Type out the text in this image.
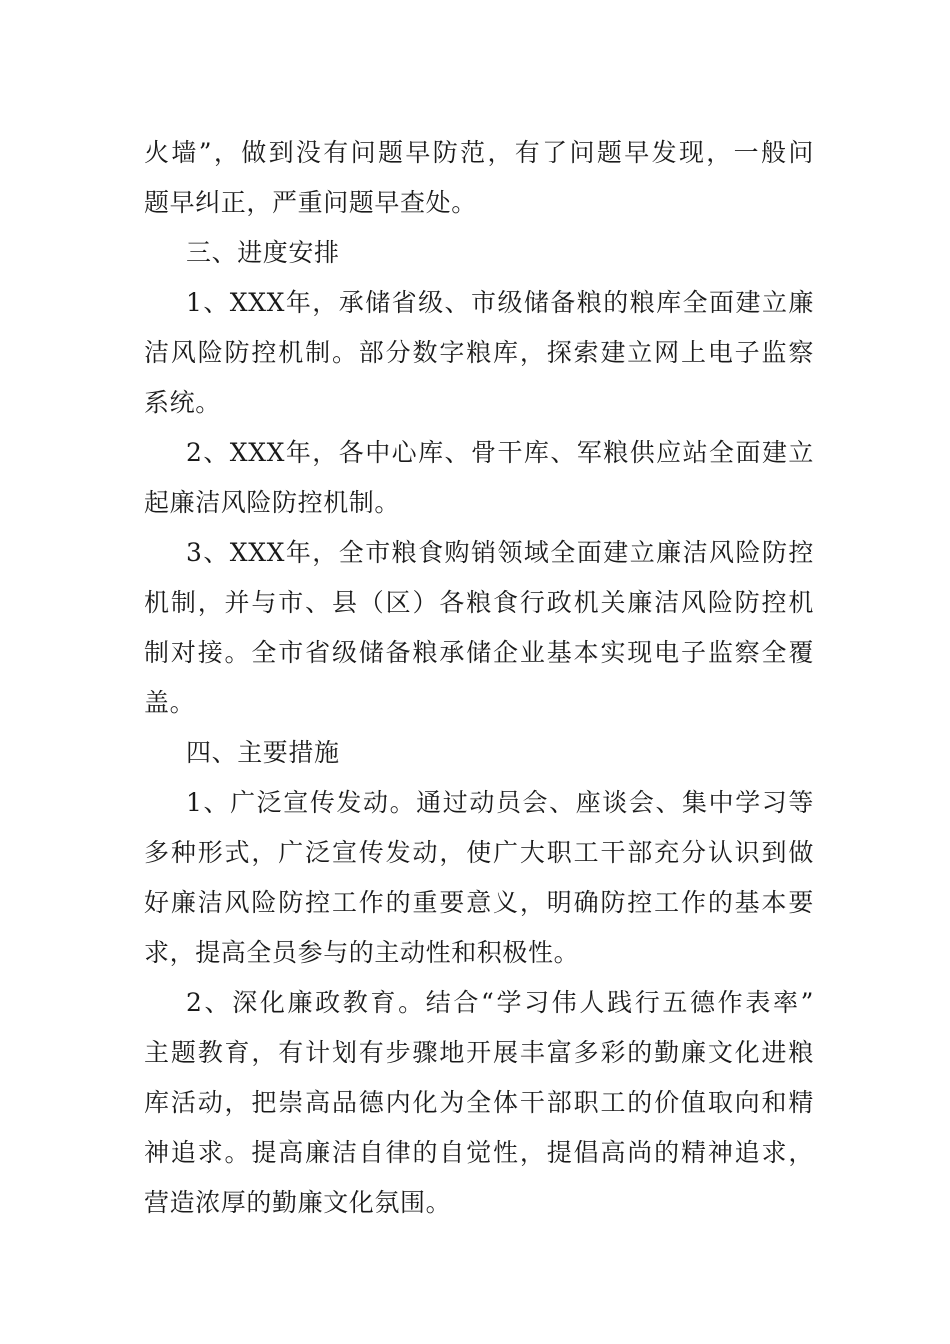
火墙”，做到没有问题早防范，有了问题早发现，一般问
题早纠正，严重问题早查处。
三、进度安排
1、XXX年，承储省级、市级储备粮的粮库全面建立廉
洁风险防控机制。部分数字粮库，探索建立网上电子监察
系统。
2、XXX年，各中心库、骨干库、军粮供应站全面建立
起廉洁风险防控机制。
3、XXX年，全市粮食购销领域全面建立廉洁风险防控
机制，并与市、县（区）各粮食行政机关廉洁风险防控机
制对接。全市省级储备粮承储企业基本实现电子监察全覆
盖。
四、主要措施
1、广泛宣传发动。通过动员会、座谈会、集中学习等
多种形式，广泛宣传发动，使广大职工干部充分认识到做
好廉洁风险防控工作的重要意义，明确防控工作的基本要
求，提高全员参与的主动性和积极性。
2、深化廉政教育。结合“学习伟人践行五德作表率”
主题教育，有计划有步骤地开展丰富多彩的勤廉文化进粮
库活动，把崇高品德内化为全体干部职工的价值取向和精
神追求。提高廉洁自律的自觉性，提倡高尚的精神追求，
营造浓厚的勤廉文化氛围。
